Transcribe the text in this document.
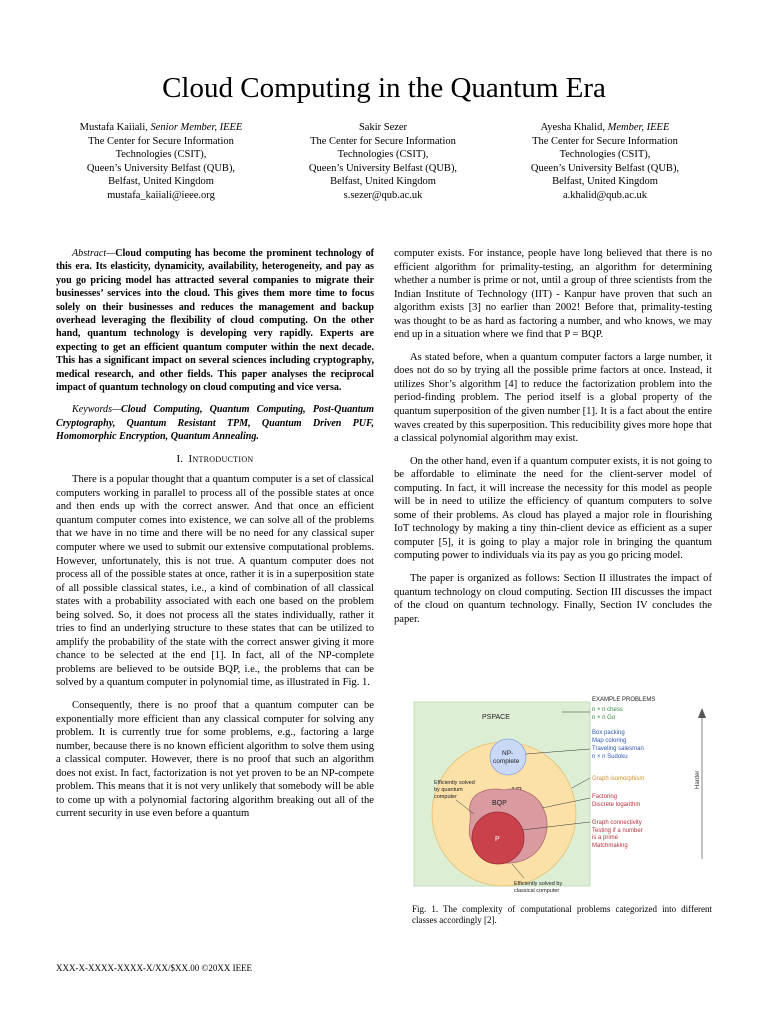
Cloud Computing in the Quantum Era
Mustafa Kaiiali, Senior Member, IEEE
The Center for Secure Information
Technologies (CSIT),
Queen’s University Belfast (QUB),
Belfast, United Kingdom
mustafa_kaiiali@ieee.org
Sakir Sezer
The Center for Secure Information
Technologies (CSIT),
Queen’s University Belfast (QUB),
Belfast, United Kingdom
s.sezer@qub.ac.uk
Ayesha Khalid, Member, IEEE
The Center for Secure Information
Technologies (CSIT),
Queen’s University Belfast (QUB),
Belfast, United Kingdom
a.khalid@qub.ac.uk

Abstract—Cloud computing has become the prominent technology of this era. Its elasticity, dynamicity, availability, heterogeneity, and pay as you go pricing model has attracted several companies to migrate their businesses’ services into the cloud. This gives them more time to focus solely on their businesses and reduces the management and backup overhead leveraging the flexibility of cloud computing. On the other hand, quantum technology is developing very rapidly. Experts are expecting to get an efficient quantum computer within the next decade. This has a significant impact on several sciences including cryptography, medical research, and other fields. This paper analyses the reciprocal impact of quantum technology on cloud computing and vice versa.

Keywords—Cloud Computing, Quantum Computing, Post-Quantum Cryptography, Quantum Resistant TPM, Quantum Driven PUF, Homomorphic Encryption, Quantum Annealing.

I. Introduction

There is a popular thought that a quantum computer is a set of classical computers working in parallel to process all of the possible states at once and then ends up with the correct answer. And that once an efficient quantum computer comes into existence, we can solve all of the problems that we have in no time and there will be no need for any classical super computer where we used to submit our extensive computational problems. However, unfortunately, this is not true. A quantum computer does not process all of the possible states at once, rather it is in a superposition state of all possible classical states, i.e., a kind of combination of all classical states with a probability associated with each one based on the problem being solved. So, it does not process all the states individually, rather it tries to find an underlying structure to these states that can be utilized to amplify the probability of the state with the correct answer giving it more chance to be selected at the end [1]. In fact, all of the NP-complete problems are believed to be outside BQP, i.e., the problems that can be solved by a quantum computer in polynomial time, as illustrated in Fig. 1.

Consequently, there is no proof that a quantum computer can be exponentially more efficient than any classical computer for solving any problem. It is currently true for some problems, e.g., factoring a large number, because there is no known efficient algorithm to solve them using a classical computer. However, there is no proof that such an algorithm does not exist. In fact, factorization is not yet proven to be an NP-compete problem. This means that it is not very unlikely that somebody will be able to come up with a polynomial factoring algorithm breaking out all of the current security in use even before a quantum

computer exists. For instance, people have long believed that there is no efficient algorithm for primality-testing, an algorithm for determining whether a number is prime or not, until a group of three scientists from the Indian Institute of Technology (IIT) - Kanpur have proven that such an algorithm exists [3] no earlier than 2002! Before that, primality-testing was thought to be as hard as factoring a number, and who knows, we may end up in a situation where we find that P = BQP.

As stated before, when a quantum computer factors a large number, it does not do so by trying all the possible prime factors at once. Instead, it utilizes Shor’s algorithm [4] to reduce the factorization problem into the period-finding problem. The period itself is a global property of the quantum superposition of the given number [1]. It is a fact about the entire waves created by this superposition. This reducibility gives more hope that a classical polynomial algorithm may exist.

On the other hand, even if a quantum computer exists, it is not going to be affordable to eliminate the need for the client-server model of computing. In fact, it will increase the necessity for this model as people will be in need to utilize the efficiency of quantum computers to solve some of their problems. As cloud has played a major role in flourishing IoT technology by making a tiny thin-client device as efficient as a super computer [5], it is going to play a major role in bringing the quantum computing power to individuals via its pay as you go pricing model.

The paper is organized as follows: Section II illustrates the impact of quantum technology on cloud computing. Section III discusses the impact of the cloud on quantum technology. Finally, Section IV concludes the paper.

PSPACE
NP-
complete
BQP
P
Efficiently solved
by quantum
computer
Efficiently solved by
classical computer
EXAMPLE PROBLEMS
n × n chess
n × n Go
Box packing
Map coloring
Traveling salesman
n × n Sudoku
Graph isomorphism
Factoring
Discrete logarithm
Graph connectivity
Testing if a number
is a prime
Matchmaking
Harder
Fig. 1. The complexity of computational problems categorized into different classes accordingly [2].
XXX-X-XXXX-XXXX-X/XX/$XX.00 ©20XX IEEE
